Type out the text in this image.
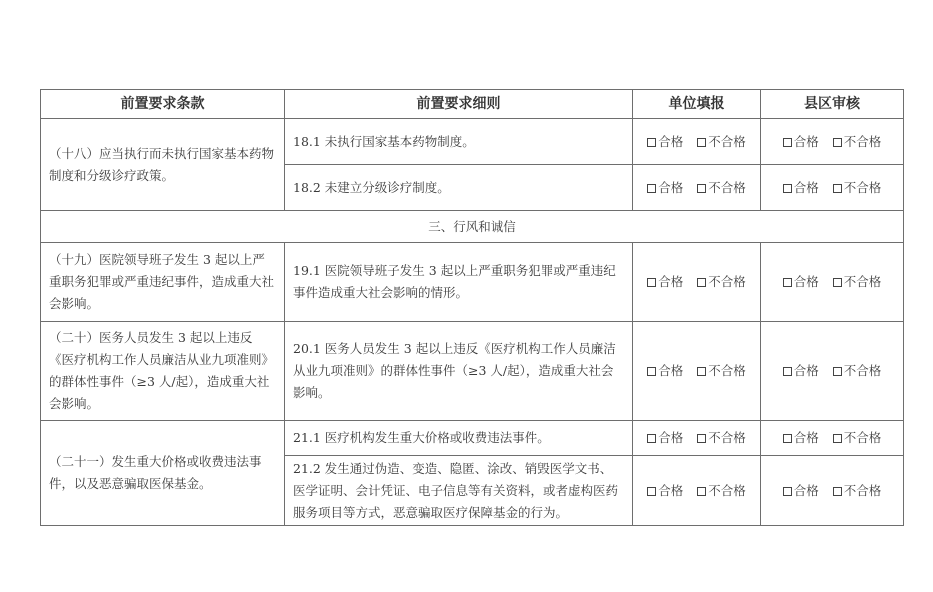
前置要求条款	前置要求细则	单位填报	县区审核
（十八）应当执行而未执行国家基本药物制度和分级诊疗政策。	18.1 未执行国家基本药物制度。	合格 不合格	合格 不合格
	18.2 未建立分级诊疗制度。	合格 不合格	合格 不合格
三、行风和诚信			
（十九）医院领导班子发生 3 起以上严重职务犯罪或严重违纪事件，造成重大社会影响。	19.1 医院领导班子发生 3 起以上严重职务犯罪或严重违纪事件造成重大社会影响的情形。	合格 不合格	合格 不合格
（二十）医务人员发生 3 起以上违反《医疗机构工作人员廉洁从业九项准则》的群体性事件（≥3 人/起），造成重大社会影响。	20.1 医务人员发生 3 起以上违反《医疗机构工作人员廉洁从业九项准则》的群体性事件（≥3 人/起），造成重大社会影响。	合格 不合格	合格 不合格
（二十一）发生重大价格或收费违法事件，以及恶意骗取医保基金。	21.1 医疗机构发生重大价格或收费违法事件。	合格 不合格	合格 不合格
	21.2 发生通过伪造、变造、隐匿、涂改、销毁医学文书、医学证明、会计凭证、电子信息等有关资料，或者虚构医药服务项目等方式，恶意骗取医疗保障基金的行为。	合格 不合格	合格 不合格
